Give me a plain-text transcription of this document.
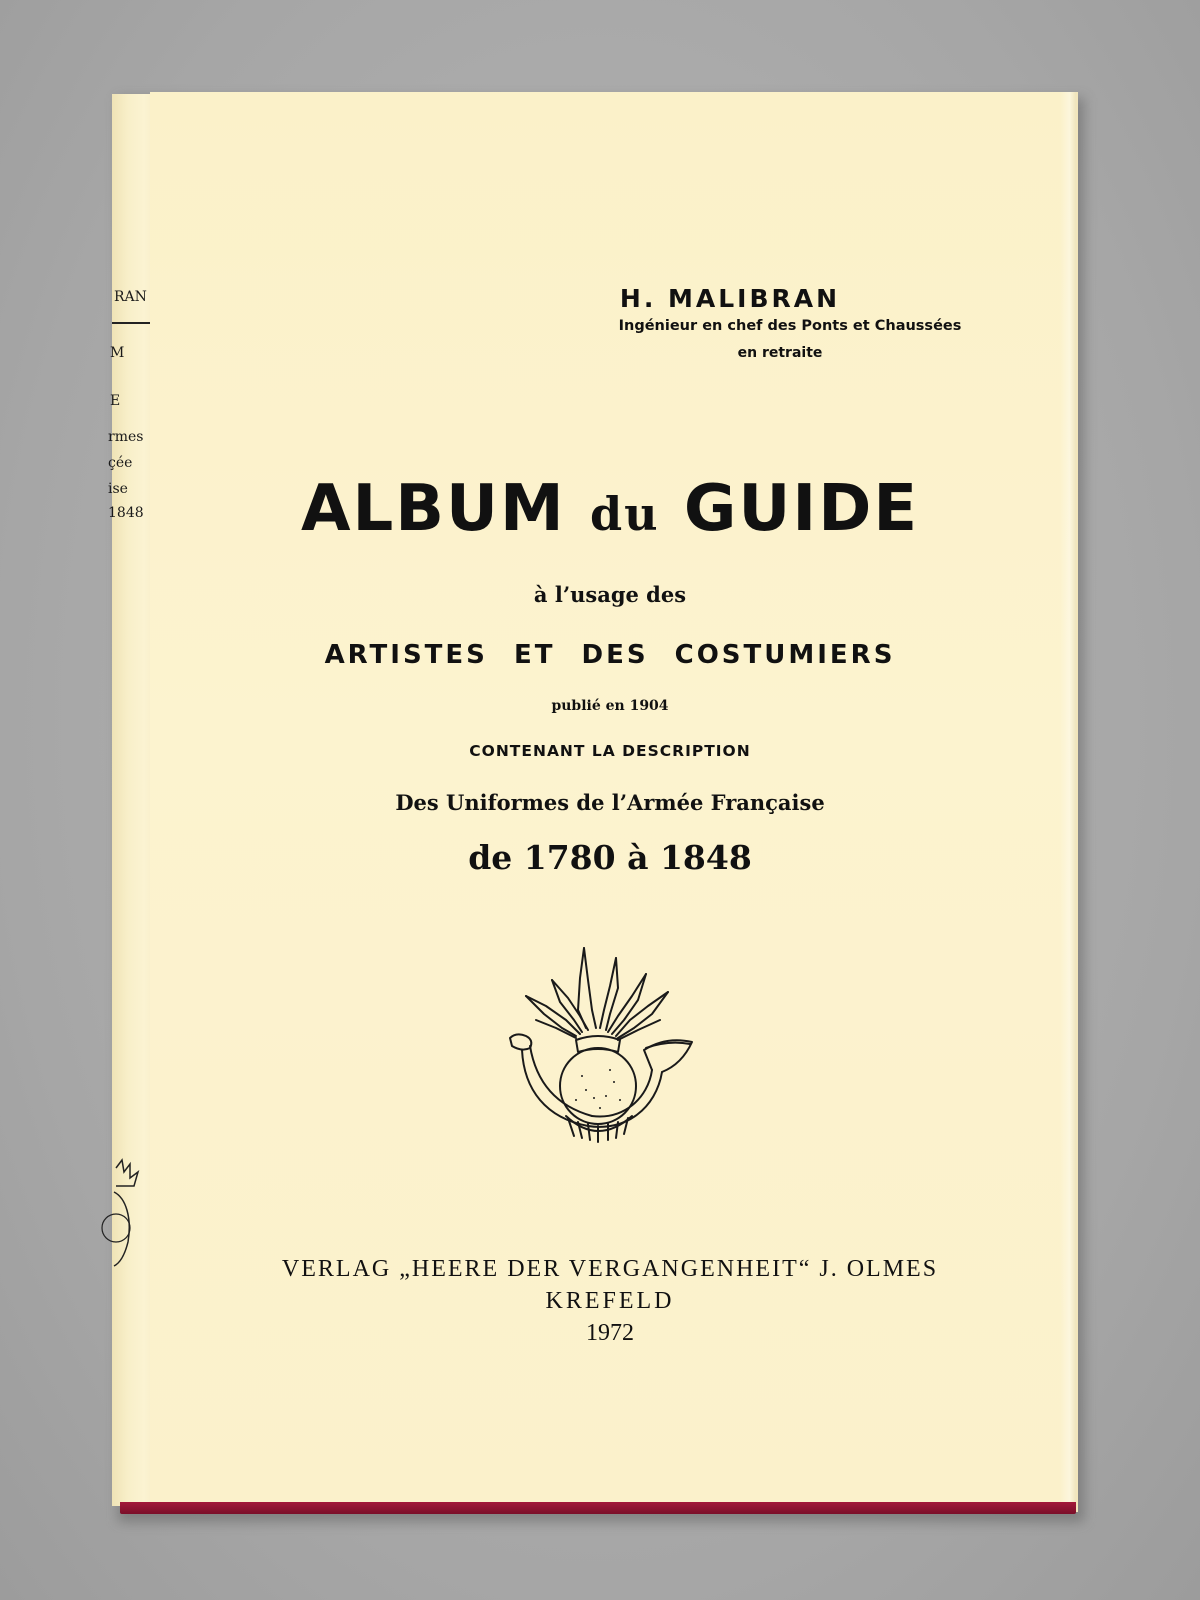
RAN
M
E
rmes
çée
ise
1848
H. MALIBRAN
Ingénieur en chef des Ponts et Chaussées
en retraite
ALBUM du GUIDE
à l’usage des
ARTISTES ET DES COSTUMIERS
publié en 1904
CONTENANT LA DESCRIPTION
Des Uniformes de l’Armée Française
de 1780 à 1848
VERLAG „HEERE DER VERGANGENHEIT“ J. OLMES
KREFELD
1972
